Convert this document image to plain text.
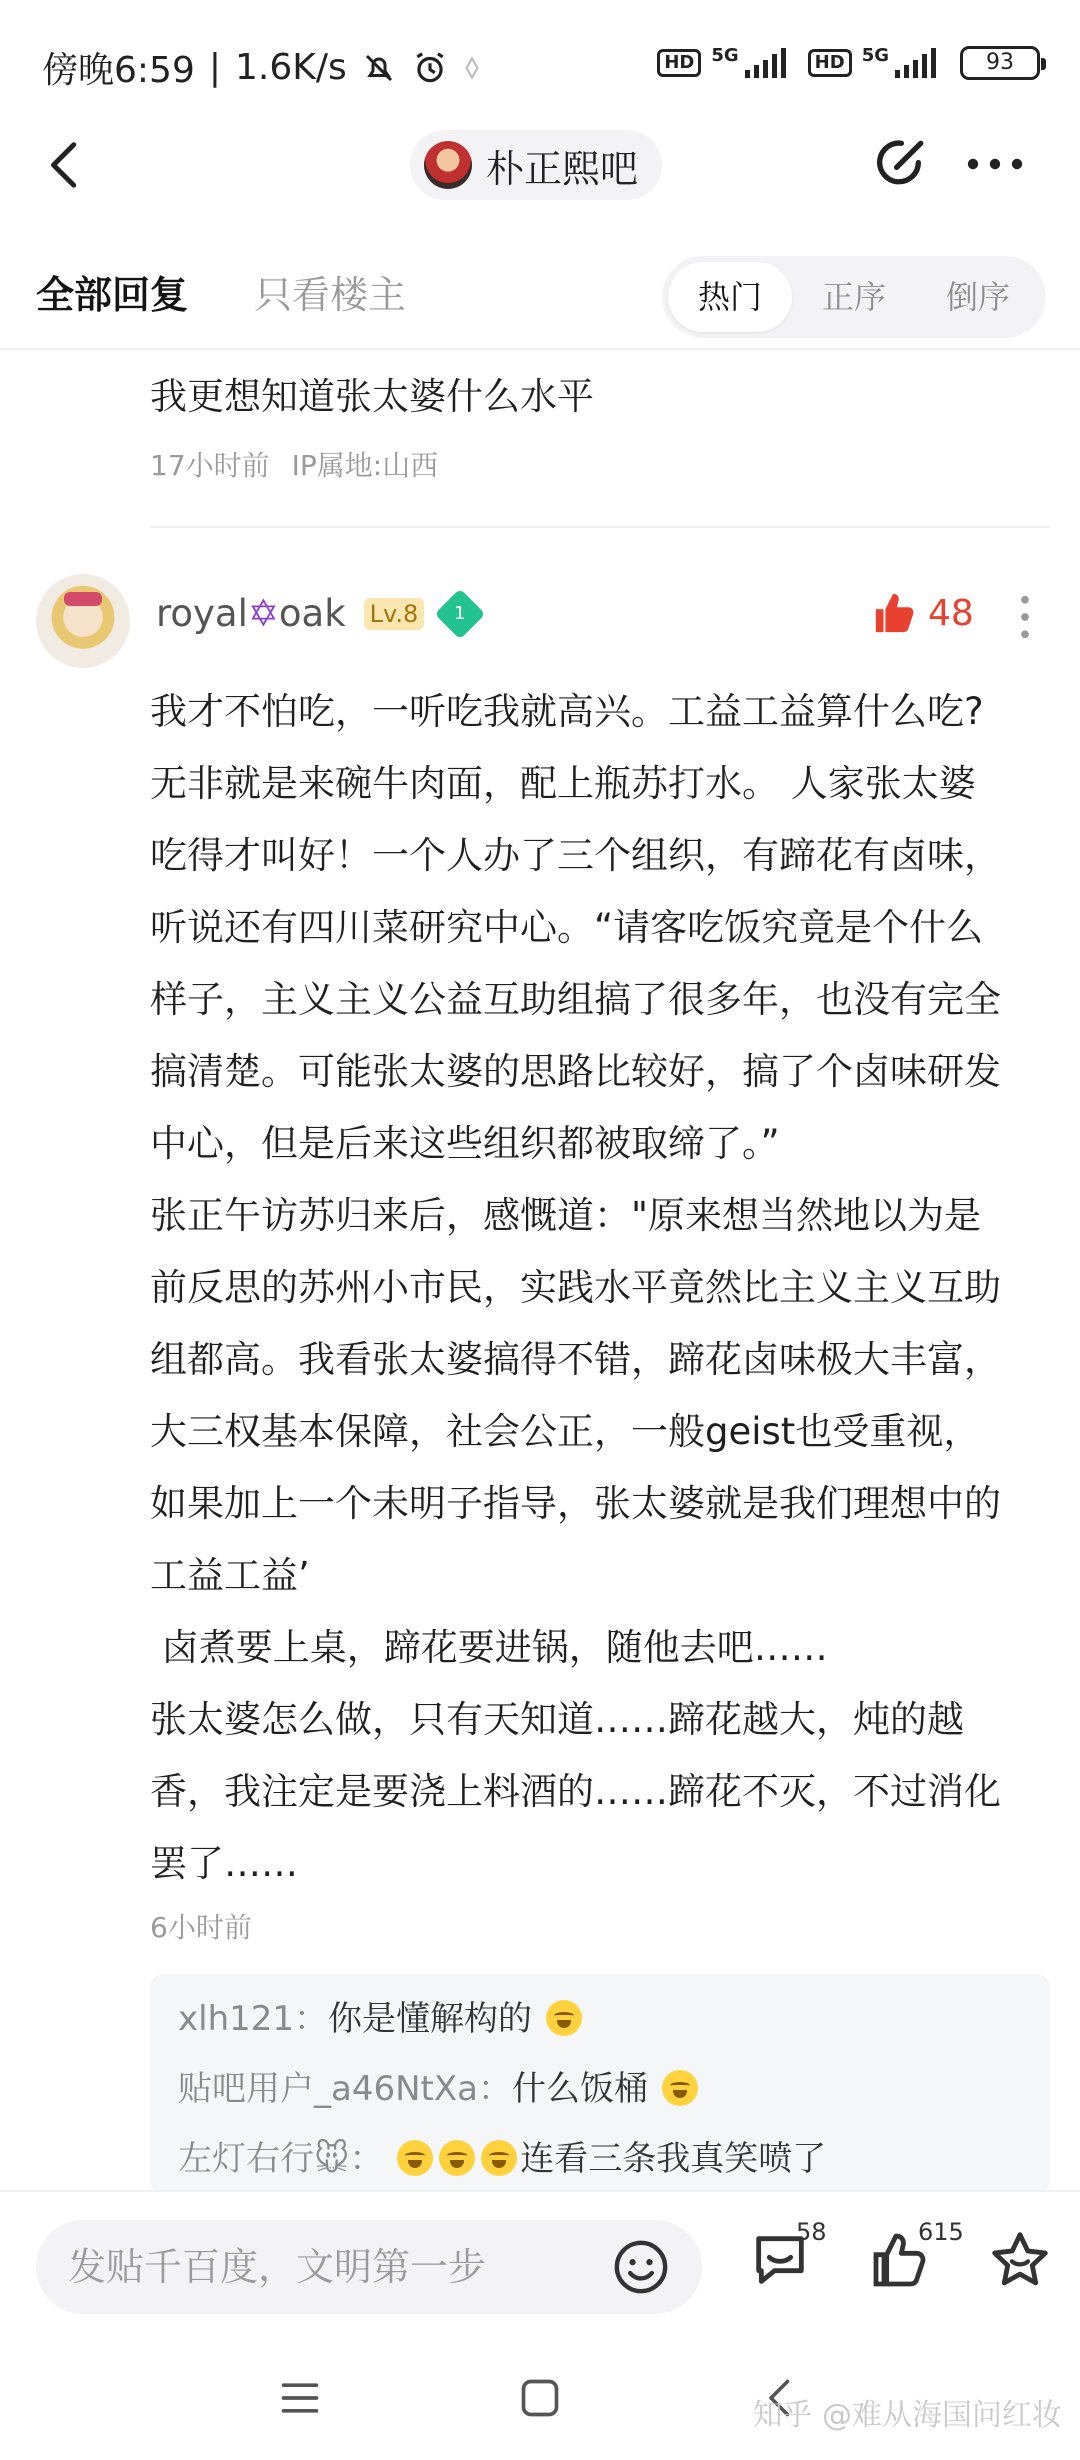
傍晚6:59 | 1.6K/s	HD 5G	HD 5G	93
朴正熙吧
全部回复 只看楼主	热门	正序	倒序
我更想知道张太婆什么水平
17小时前 IP属地:山西
royal✡oak Lv.8	1	48

我才不怕吃，一听吃我就高兴。工益工益算什么吃?

无非就是来碗牛肉面，配上瓶苏打水。 人家张太婆

吃得才叫好！一个人办了三个组织，有蹄花有卤味，

听说还有四川菜研究中心。“请客吃饭究竟是个什么

样子，主义主义公益互助组搞了很多年，也没有完全

搞清楚。可能张太婆的思路比较好，搞了个卤味研发

中心，但是后来这些组织都被取缔了。”

张正午访苏归来后，感慨道："原来想当然地以为是

前反思的苏州小市民，实践水平竟然比主义主义互助

组都高。我看张太婆搞得不错，蹄花卤味极大丰富，

大三权基本保障，社会公正，一般geist也受重视，

如果加上一个未明子指导，张太婆就是我们理想中的

工益工益’

卤煮要上桌，蹄花要进锅，随他去吧……

张太婆怎么做，只有天知道……蹄花越大，炖的越

香，我注定是要浇上料酒的……蹄花不灭，不过消化

罢了……

6小时前
xlh121：你是懂解构的
贴吧用户_a46NtXa：什么饭桶
左灯右行🐭：	连看三条我真笑喷了
发贴千百度，文明第一步
58	615
知乎 @难从海国问红妆
